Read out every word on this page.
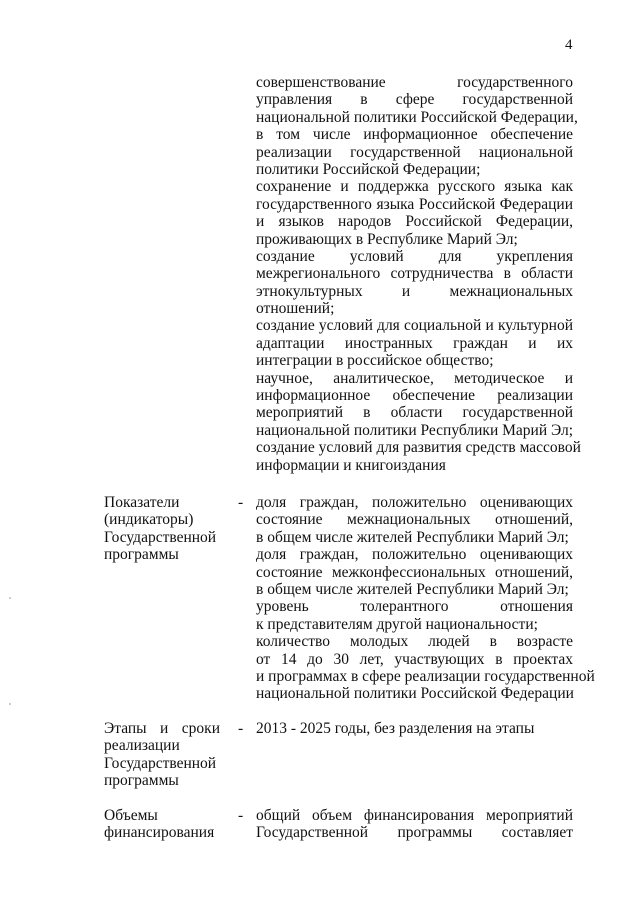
4
совершенствование государственного
управления в сфере государственной
национальной политики Российской Федерации,
в том числе информационное обеспечение
реализации государственной национальной
политики Российской Федерации;
сохранение и поддержка русского языка как
государственного языка Российской Федерации
и языков народов Российской Федерации,
проживающих в Республике Марий Эл;
создание условий для укрепления
межрегионального сотрудничества в области
этнокультурных и межнациональных
отношений;
создание условий для социальной и культурной
адаптации иностранных граждан и их
интеграции в российское общество;
научное, аналитическое, методическое и
информационное обеспечение реализации
мероприятий в области государственной
национальной политики Республики Марий Эл;
создание условий для развития средств массовой
информации и книгоиздания
Показатели
(индикаторы)
Государственной
программы
- доля граждан, положительно оценивающих
состояние межнациональных отношений,
в общем числе жителей Республики Марий Эл;
доля граждан, положительно оценивающих
состояние межконфессиональных отношений,
в общем числе жителей Республики Марий Эл;
уровень толерантного отношения
к представителям другой национальности;
количество молодых людей в возрасте
от 14 до 30 лет, участвующих в проектах
и программах в сфере реализации государственной
национальной политики Российской Федерации
Этапы и сроки
реализации
Государственной
программы
- 2013 - 2025 годы, без разделения на этапы
Объемы
финансирования
- общий объем финансирования мероприятий
Государственной программы составляет
